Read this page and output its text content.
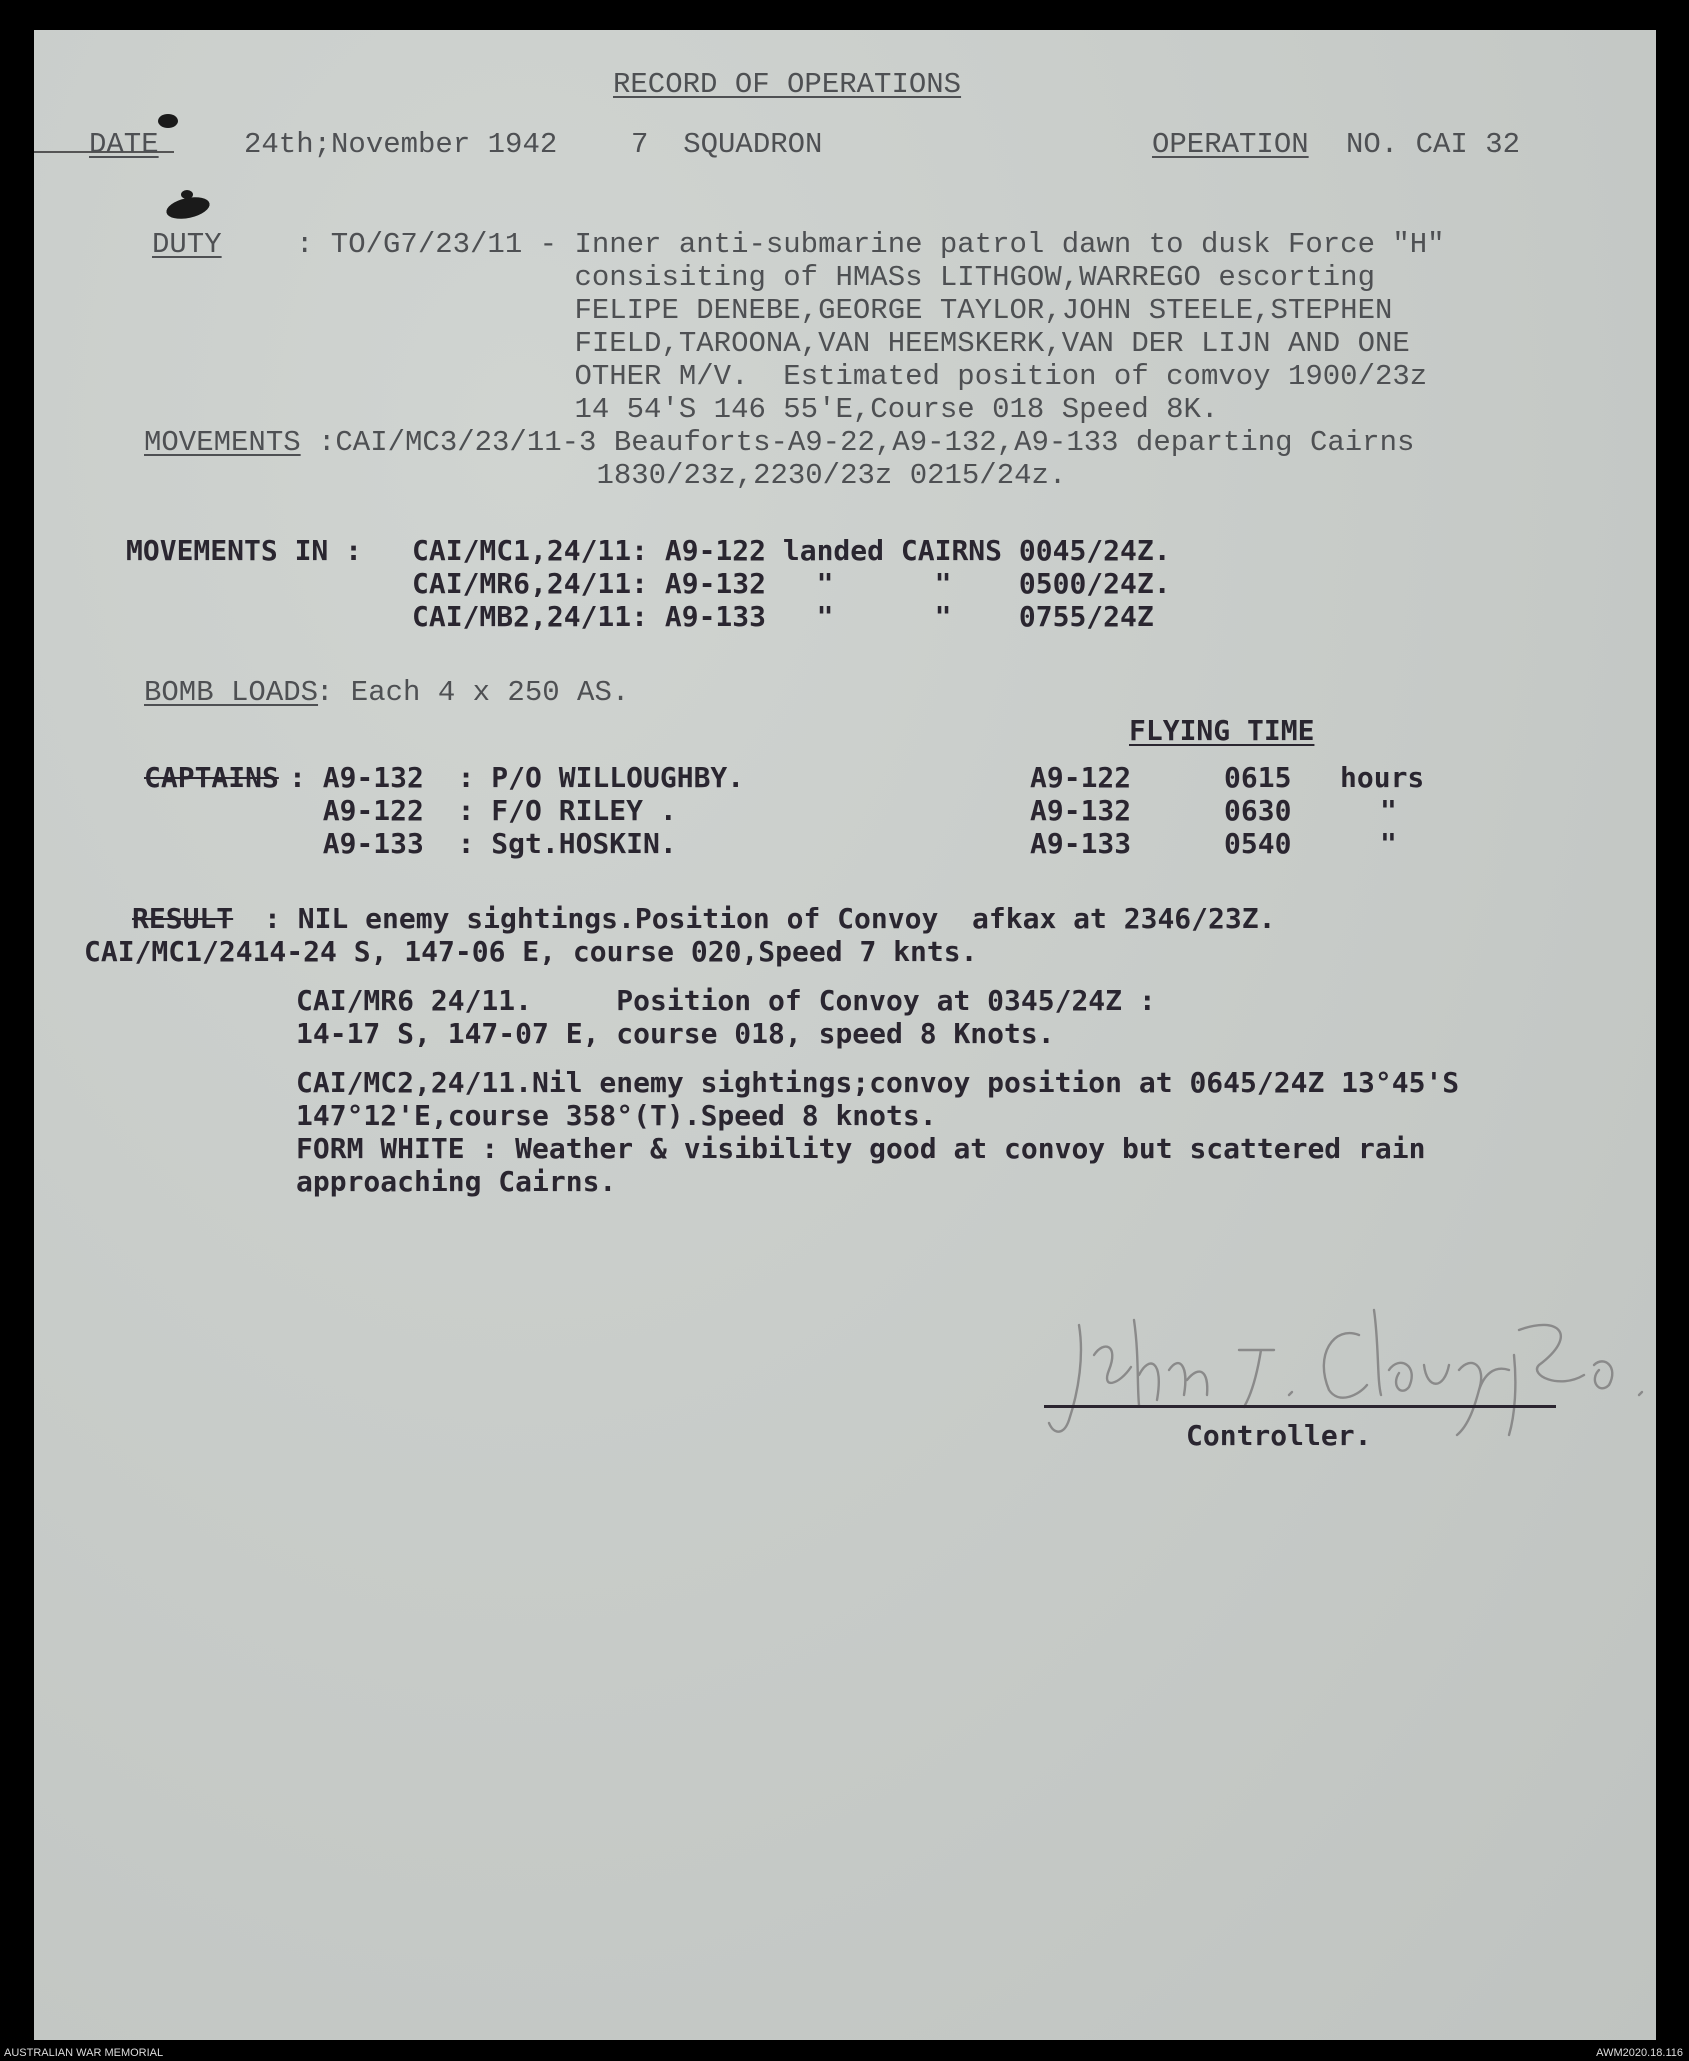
RECORD OF OPERATIONS
DATE	24th;November 1942	7  SQUADRON	OPERATION NO. CAI 32
DUTY	: TO/G7/23/11 - Inner anti-submarine patrol dawn to dusk Force "H"
consisiting of HMASs LITHGOW,WARREGO escorting
FELIPE DENEBE,GEORGE TAYLOR,JOHN STEELE,STEPHEN
FIELD,TAROONA,VAN HEEMSKERK,VAN DER LIJN AND ONE
OTHER M/V.  Estimated position of comvoy 1900/23z
14 54'S 146 55'E,Course 018 Speed 8K.
MOVEMENTS :CAI/MC3/23/11-3 Beauforts-A9-22,A9-132,A9-133 departing Cairns
1830/23z,2230/23z 0215/24z.
MOVEMENTS IN : CAI/MC1,24/11: A9-122 landed CAIRNS 0045/24Z.
CAI/MR6,24/11: A9-132   "      "    0500/24Z.
CAI/MB2,24/11: A9-133   "      "    0755/24Z
BOMB LOADS
: Each 4 x 250 AS.
FLYING TIME
A9-122	0615 hours
A9-132	0630	"
A9-133	0540	"
CAPTAINS : A9-132  : P/O WILLOUGHBY.
A9-122  : F/O RILEY .
A9-133  : Sgt.HOSKIN.
RESULT : NIL enemy sightings.Position of Convoy  afkax at 2346/23Z.
CAI/MC1/2414-24 S, 147-06 E, course 020,Speed 7 knts.
CAI/MR6 24/11.     Position of Convoy at 0345/24Z :
14-17 S, 147-07 E, course 018, speed 8 Knots.
CAI/MC2,24/11.Nil enemy sightings;convoy position at 0645/24Z 13°45'S
147°12'E,course 358°(T).Speed 8 knots.
FORM WHITE : Weather & visibility good at convoy but scattered rain
approaching Cairns.
Controller.
AUSTRALIAN WAR MEMORIAL	AWM2020.18.116
